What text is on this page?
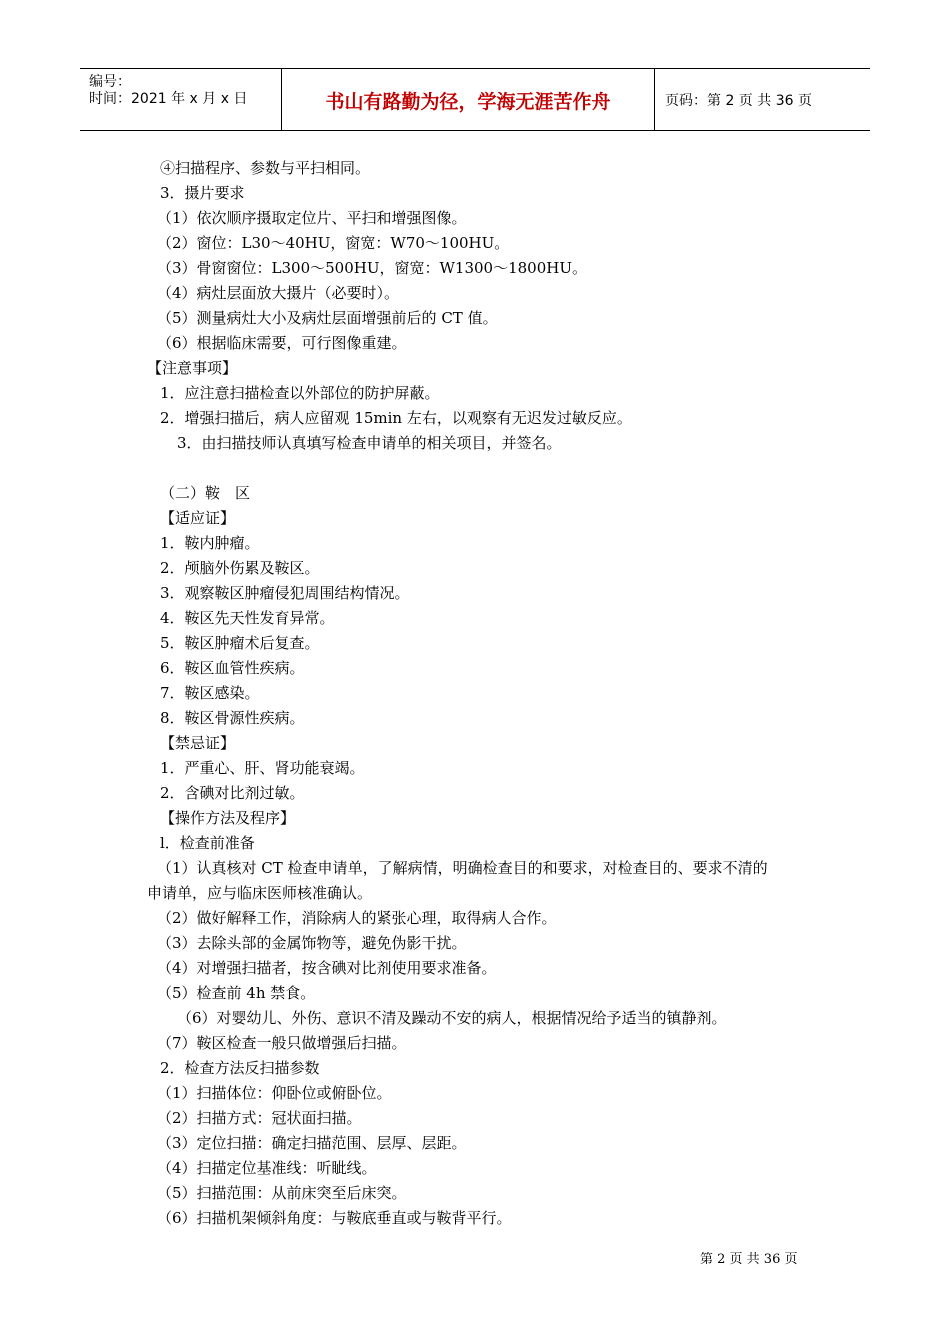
编号：
时间：2021 年 x 月 x 日	书山有路勤为径，学海无涯苦作舟	页码：第 2 页 共 36 页
④扫描程序、参数与平扫相同。
3．摄片要求
（1）依次顺序摄取定位片、平扫和增强图像。
（2）窗位：L30～40HU，窗宽：W70～100HU。
（3）骨窗窗位：L300～500HU，窗宽：W1300～1800HU。
（4）病灶层面放大摄片（必要时）。
（5）测量病灶大小及病灶层面增强前后的 CT 值。
（6）根据临床需要，可行图像重建。
【注意事项】
1．应注意扫描检查以外部位的防护屏蔽。
2．增强扫描后，病人应留观 15min 左右，以观察有无迟发过敏反应。
3．由扫描技师认真填写检查申请单的相关项目，并签名。
（二）鞍　区
【适应证】
1．鞍内肿瘤。
2．颅脑外伤累及鞍区。
3．观察鞍区肿瘤侵犯周围结构情况。
4．鞍区先天性发育异常。
5．鞍区肿瘤术后复查。
6．鞍区血管性疾病。
7．鞍区感染。
8．鞍区骨源性疾病。
【禁忌证】
1．严重心、肝、肾功能衰竭。
2．含碘对比剂过敏。
【操作方法及程序】
l．检查前准备
（1）认真核对 CT 检查申请单，了解病情，明确检查目的和要求，对检查目的、要求不清的
申请单，应与临床医师核准确认。
（2）做好解释工作，消除病人的紧张心理，取得病人合作。
（3）去除头部的金属饰物等，避免伪影干扰。
（4）对增强扫描者，按含碘对比剂使用要求准备。
（5）检查前 4h 禁食。
（6）对婴幼儿、外伤、意识不清及躁动不安的病人，根据情况给予适当的镇静剂。
（7）鞍区检查一般只做增强后扫描。
2．检查方法反扫描参数
（1）扫描体位：仰卧位或俯卧位。
（2）扫描方式：冠状面扫描。
（3）定位扫描：确定扫描范围、层厚、层距。
（4）扫描定位基准线：听眦线。
（5）扫描范围：从前床突至后床突。
（6）扫描机架倾斜角度：与鞍底垂直或与鞍背平行。
第 2 页 共 36 页
